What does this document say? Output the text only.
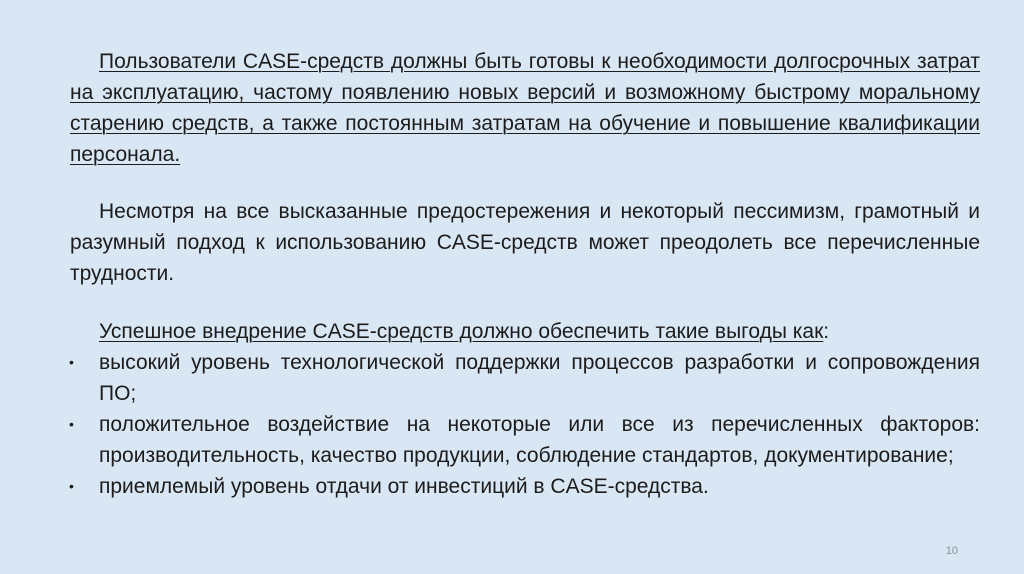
Пользователи CASE-средств должны быть готовы к необходимости долгосрочных затрат на эксплуатацию, частому появлению новых версий и возможному быстрому моральному старению средств, а также постоянным затратам на обучение и повышение квалификации персонала.

Несмотря на все высказанные предостережения и некоторый пессимизм, грамотный и разумный подход к использованию CASE-средств может преодолеть все перечисленные трудности.

Успешное внедрение CASE-средств должно обеспечить такие выгоды как:

• высокий уровень технологической поддержки процессов разработки и сопровождения ПО;
• положительное воздействие на некоторые или все из перечисленных факторов: производительность, качество продукции, соблюдение стандартов, документирование;
• приемлемый уровень отдачи от инвестиций в CASE-средства.
10
